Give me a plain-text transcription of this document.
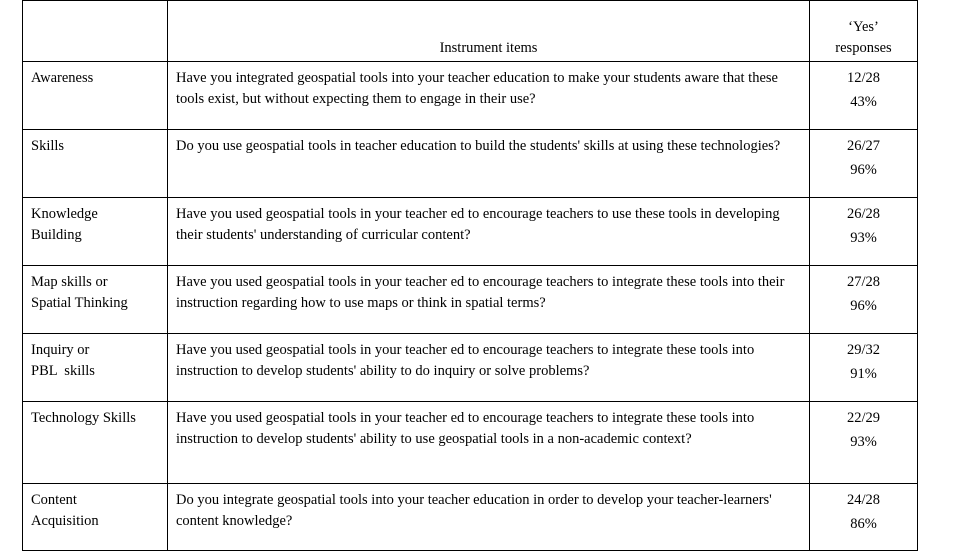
	Instrument items	‘Yes’
responses

Awareness	Have you integrated geospatial tools into your teacher education to make your students aware that these tools exist, but without expecting them to engage in their use?	12/28
43%

Skills	Do you use geospatial tools in teacher education to build the students' skills at using these technologies?	26/27
96%

Knowledge
Building	Have you used geospatial tools in your teacher ed to encourage teachers to use these tools in developing their students' understanding of curricular content?	26/28
93%

Map skills or
Spatial Thinking	Have you used geospatial tools in your teacher ed to encourage teachers to integrate these tools into their instruction regarding how to use maps or think in spatial terms?	27/28
96%

Inquiry or
PBL  skills	Have you used geospatial tools in your teacher ed to encourage teachers to integrate these tools into instruction to develop students' ability to do inquiry or solve problems?	29/32
91%

Technology Skills	Have you used geospatial tools in your teacher ed to encourage teachers to integrate these tools into instruction to develop students' ability to use geospatial tools in a non-academic context?	22/29
93%

Content
Acquisition	Do you integrate geospatial tools into your teacher education in order to develop your teacher-learners' content knowledge?	24/28
86%
